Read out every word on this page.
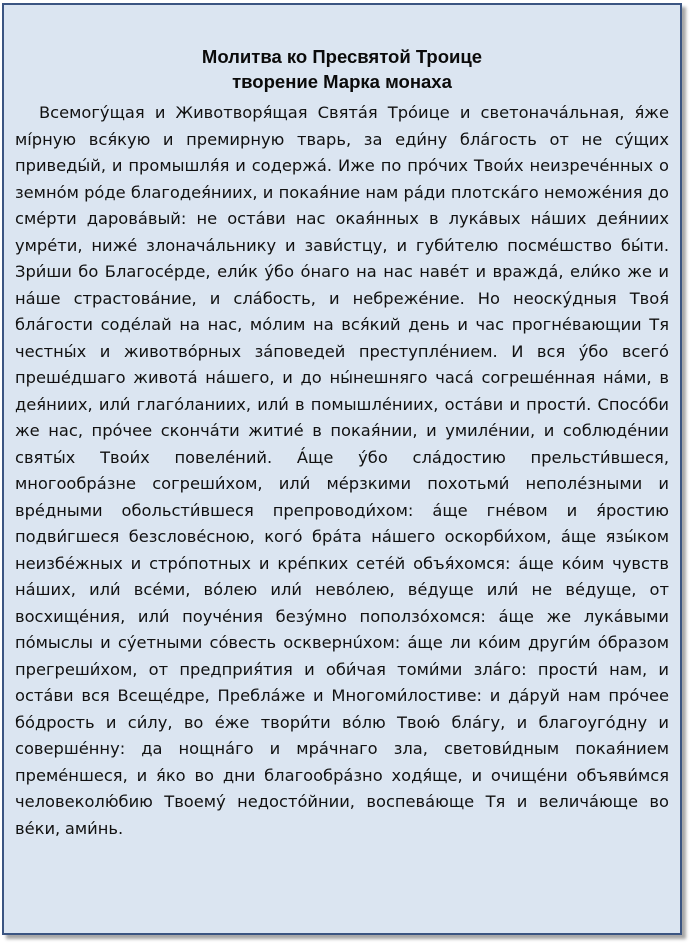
Молитва ко Пресвятой Троице
творение Марка монаха

Всемогу́щая и Животворя́щая Святáя Трóице и светоначáльная, я́же мíрную вся́кую и премирную тварь, за еди́ну блáгость от не су́щих приведы́й, и промышля́я и содержá. Иже по прóчих Твои́х неизречéнных о земнóм рóде благодея́ниих, и покая́ние нам рáди плотскáго неможéния до смéрти даровáвый: не остáви нас окая́нных в лукáвых нáших дея́ниих умрéти, нижé злоначáльнику и зави́стцу, и губи́телю посмéшство бы́ти. Зри́ши бо Благосéрде, ели́к у́бо óнаго на нас навéт и враждá, ели́ко же и нáше страстовáние, и слáбость, и небрежéние. Но неоску́дныя Твоя́ блáгости содéлай на нас, мóлим на вся́кий день и час прогнéвающии Тя честны́х и животвóрных зáповедей преступлéнием. И вся у́бо всегó прешéдшаго животá нáшего, и до ны́нешняго часá согрешéнная нáми, в дея́ниих, или́ глагóланиих, или́ в помышлéниих, остáви и прости́. Спосóби же нас, прóчее скончáти житие́ в покая́нии, и умилéнии, и соблюдéнии святы́х Твои́х повелéний. А́ще у́бо слáдостию прельсти́вшеся, многообрáзне согреши́хом, или́ мéрзкими похотьми́ неполéзными и врéдными обольсти́вшеся препроводи́хом: áще гнéвом и я́ростию подви́гшеся безсловéсною, когó брáта нáшего оскорби́хом, áще язы́ком неизбéжных и стрóпотных и крéпких сетéй объя́хомся: áще кóим чувств нáших, или́ всéми, вóлею или́ невóлею, вéдуще или́ не вéдуще, от восхищéния, или́ поучéния безу́мно поползóхомся: áще же лукáвыми пóмыслы и су́етными сóвесть осквернúхом: áще ли кóим други́м óбразом прегреши́хом, от предприя́тия и оби́чая томи́ми злáго: прости́ нам, и остáви вся Всещéдре, Преблáже и Многоми́лостиве: и дáруй нам прóчее бóдрость и си́лу, во éже твори́ти вóлю Твою́ блáгу, и благоугóдну и совершéнну: да нощнáго и мрáчнаго зла, светови́дным покая́нием премéншеся, и я́ко во дни благообрáзно ходя́ще, и очищéни объяви́мся человеколю́бию Твоему́ недостóйнии, воспевáюще Тя и величáюще во вéки, ами́нь.
